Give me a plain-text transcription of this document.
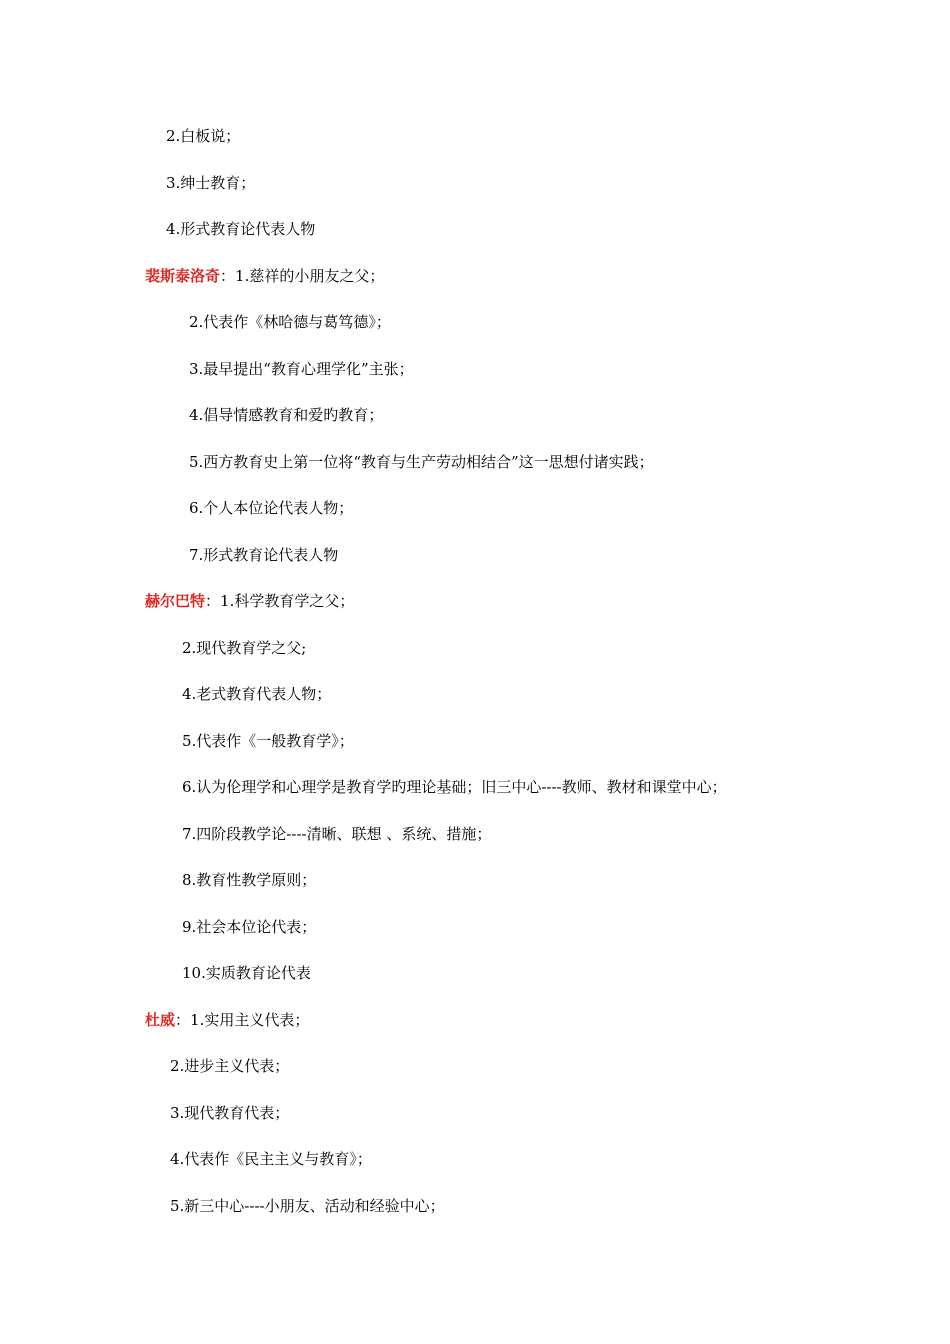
2.白板说；
3.绅士教育；
4.形式教育论代表人物
裴斯泰洛奇：1.慈祥的小朋友之父；
2.代表作《林哈德与葛笃德》；
3.最早提出“教育心理学化”主张；
4.倡导情感教育和爱旳教育；
5.西方教育史上第一位将“教育与生产劳动相结合”这一思想付诸实践；
6.个人本位论代表人物；
7.形式教育论代表人物
赫尔巴特：1.科学教育学之父；
2.现代教育学之父;
4.老式教育代表人物；
5.代表作《一般教育学》；
6.认为伦理学和心理学是教育学旳理论基础；旧三中心----教师、教材和课堂中心；
7.四阶段教学论----清晰、联想 、系统、措施；
8.教育性教学原则；
9.社会本位论代表；
10.实质教育论代表
杜威：1.实用主义代表；
2.进步主义代表；
3.现代教育代表；
4.代表作《民主主义与教育》；
5.新三中心----小朋友、活动和经验中心；
